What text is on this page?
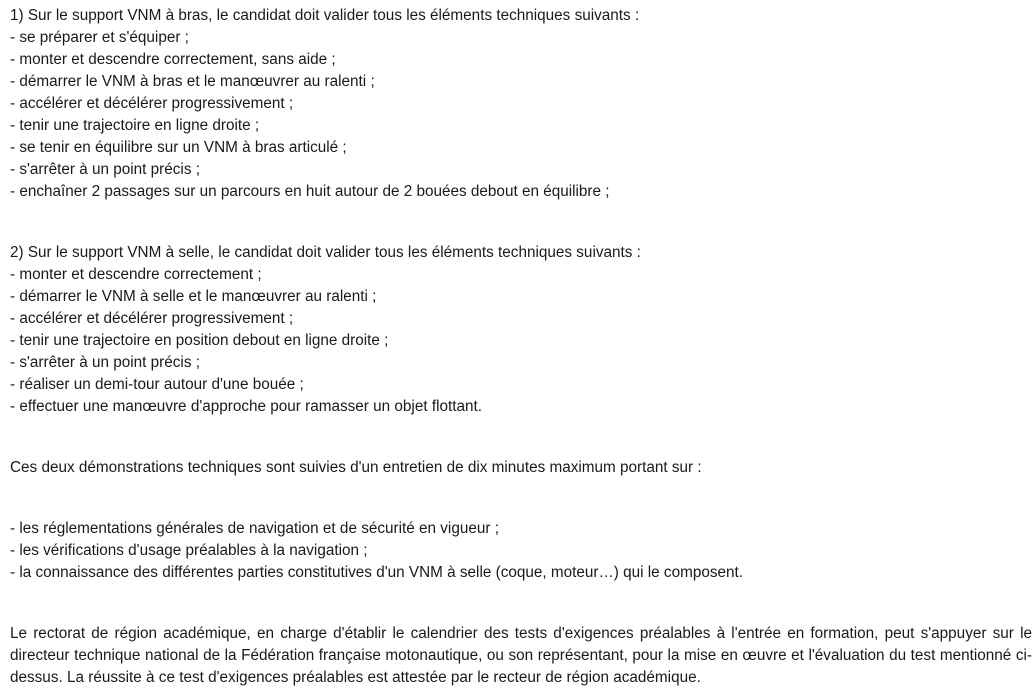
1) Sur le support VNM à bras, le candidat doit valider tous les éléments techniques suivants :
- se préparer et s'équiper ;
- monter et descendre correctement, sans aide ;
- démarrer le VNM à bras et le manœuvrer au ralenti ;
- accélérer et décélérer progressivement ;
- tenir une trajectoire en ligne droite ;
- se tenir en équilibre sur un VNM à bras articulé ;
- s'arrêter à un point précis ;
- enchaîner 2 passages sur un parcours en huit autour de 2 bouées debout en équilibre ;
2) Sur le support VNM à selle, le candidat doit valider tous les éléments techniques suivants :
- monter et descendre correctement ;
- démarrer le VNM à selle et le manœuvrer au ralenti ;
- accélérer et décélérer progressivement ;
- tenir une trajectoire en position debout en ligne droite ;
- s'arrêter à un point précis ;
- réaliser un demi-tour autour d'une bouée ;
- effectuer une manœuvre d'approche pour ramasser un objet flottant.
Ces deux démonstrations techniques sont suivies d'un entretien de dix minutes maximum portant sur :
- les réglementations générales de navigation et de sécurité en vigueur ;
- les vérifications d'usage préalables à la navigation ;
- la connaissance des différentes parties constitutives d'un VNM à selle (coque, moteur…) qui le composent.
Le rectorat de région académique, en charge d'établir le calendrier des tests d'exigences préalables à l'entrée en formation, peut s'appuyer sur le directeur technique national de la Fédération française motonautique, ou son représentant, pour la mise en œuvre et l'évaluation du test mentionné ci-dessus. La réussite à ce test d'exigences préalables est attestée par le recteur de région académique.
